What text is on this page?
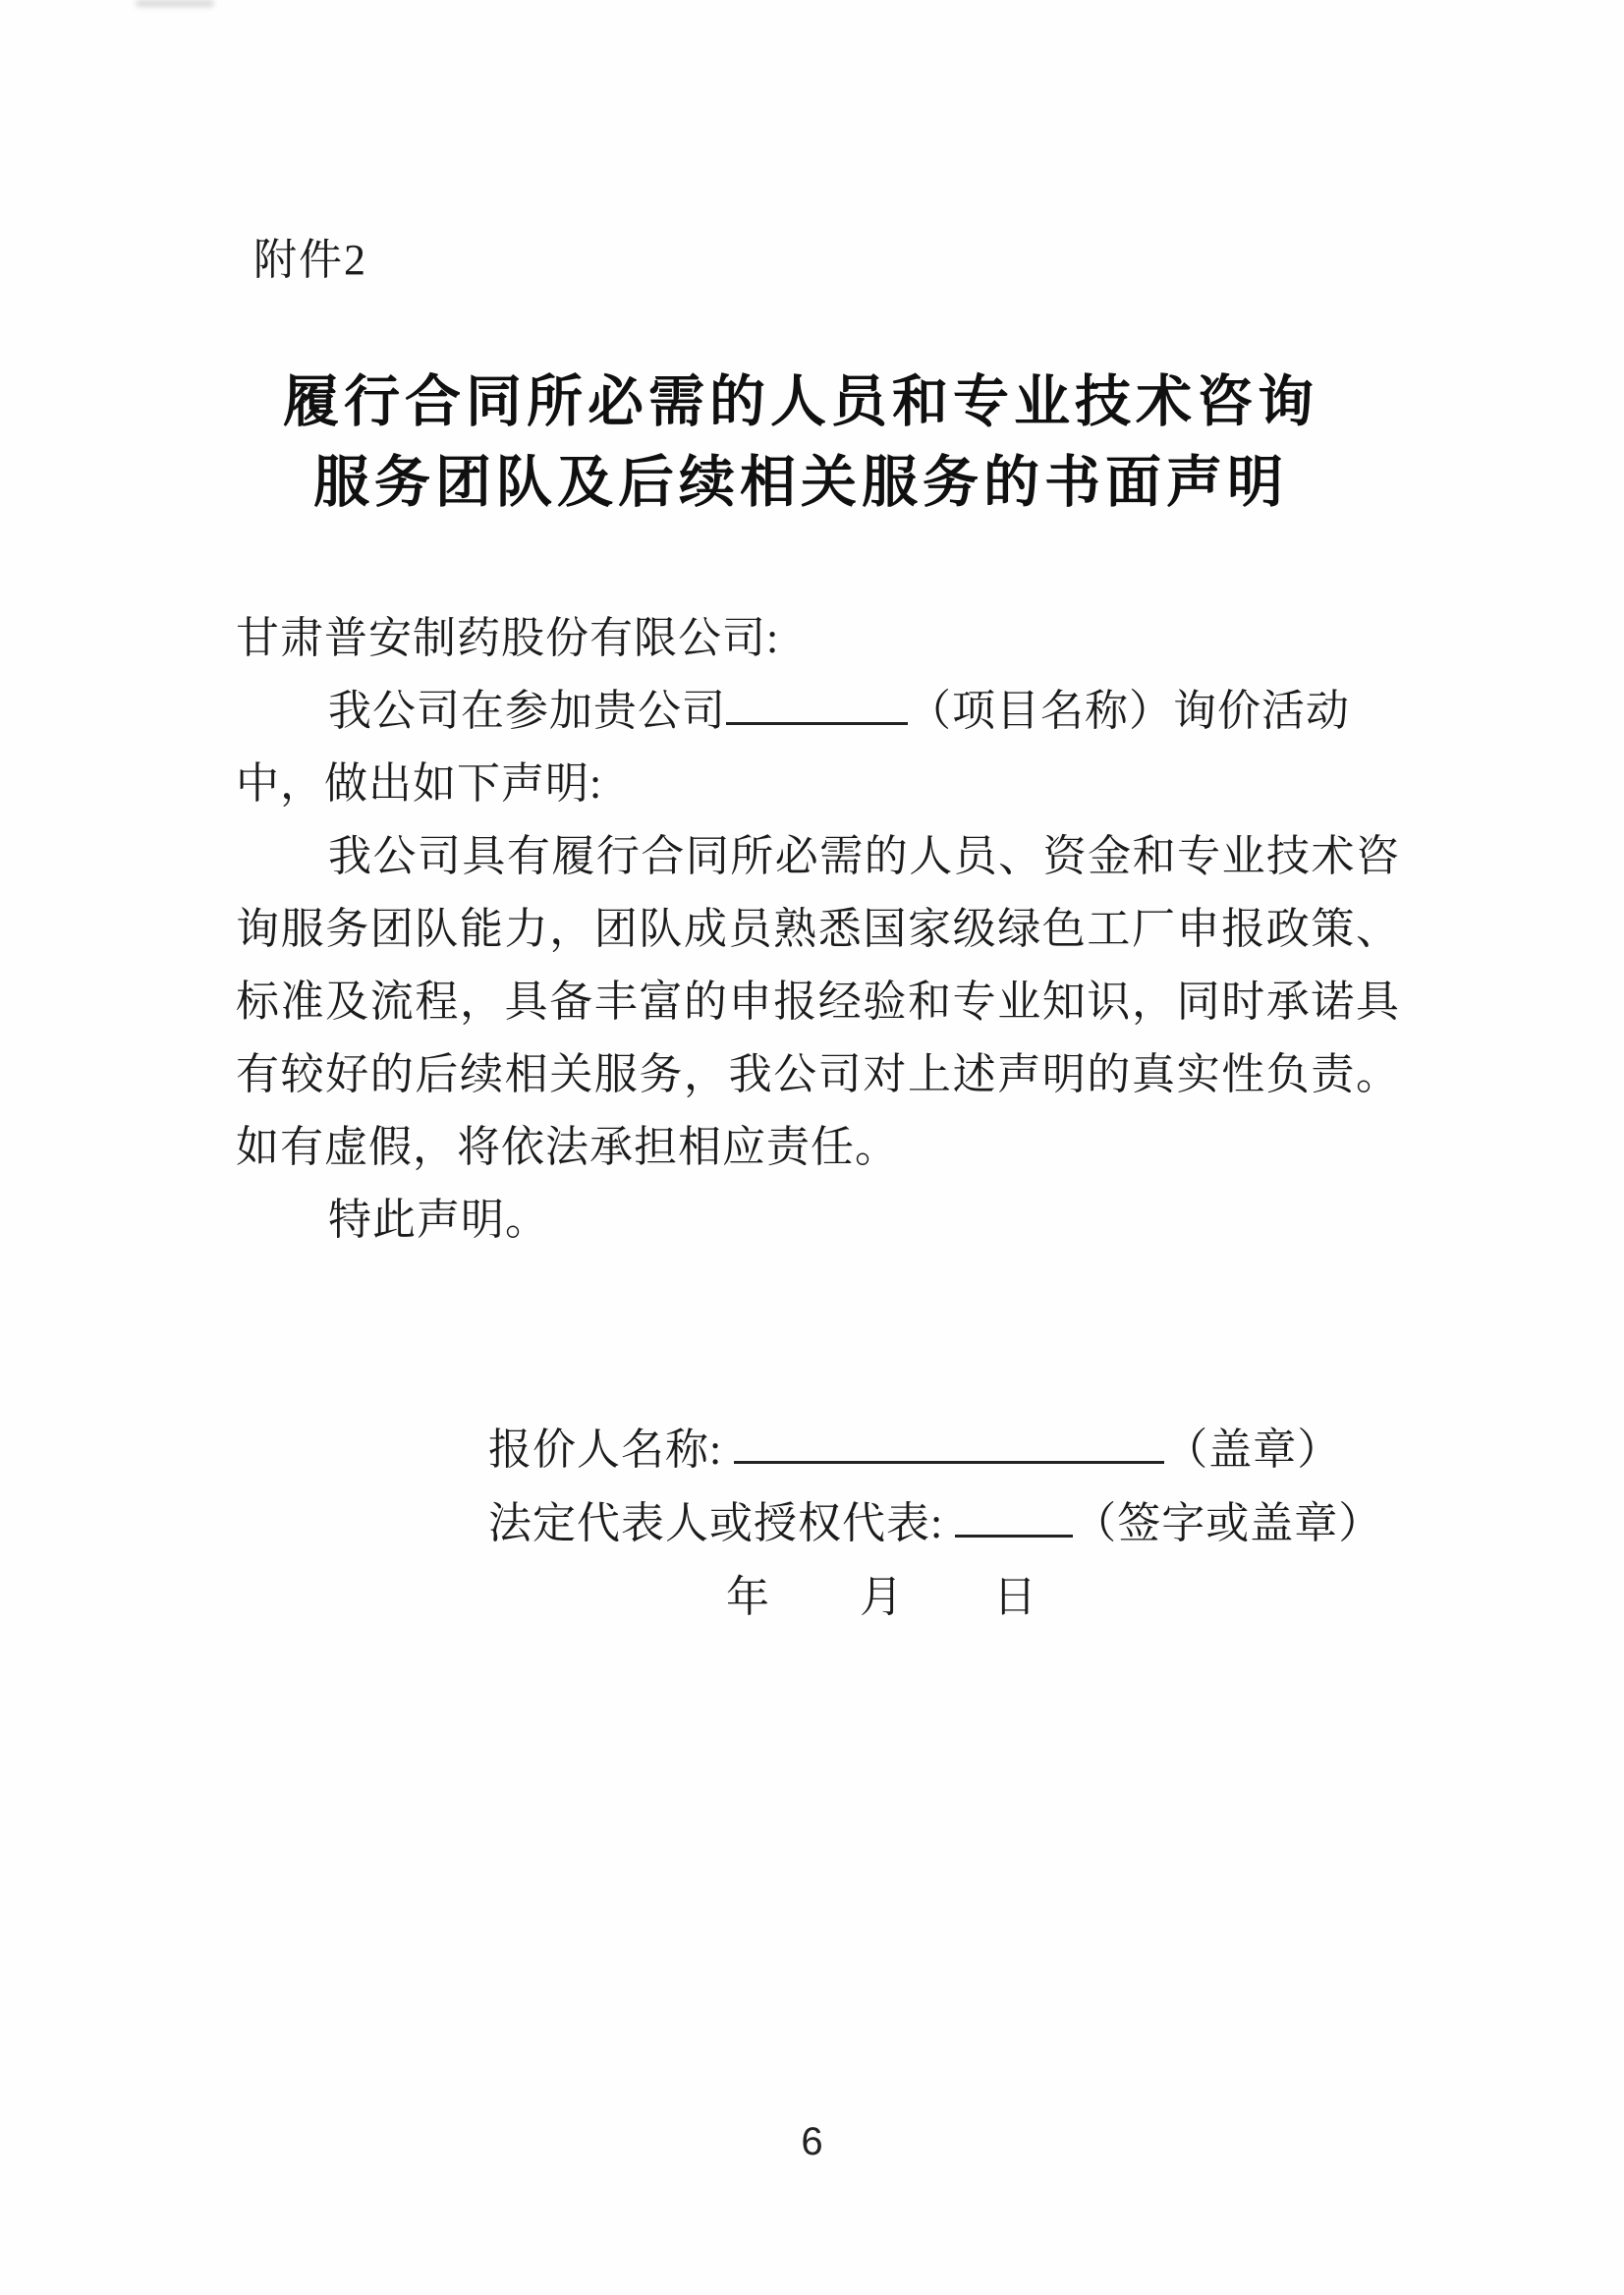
附件2
履行合同所必需的人员和专业技术咨询
服务团队及后续相关服务的书面声明
甘肃普安制药股份有限公司:
我公司在参加贵公司	（项目名称）询价活动
中，做出如下声明:
我公司具有履行合同所必需的人员、资金和专业技术咨
询服务团队能力，团队成员熟悉国家级绿色工厂申报政策、
标准及流程，具备丰富的申报经验和专业知识，同时承诺具
有较好的后续相关服务，我公司对上述声明的真实性负责。
如有虚假，将依法承担相应责任。
特此声明。
报价人名称:	（盖章）
法定代表人或授权代表:	（签字或盖章）
年 月 日
6
